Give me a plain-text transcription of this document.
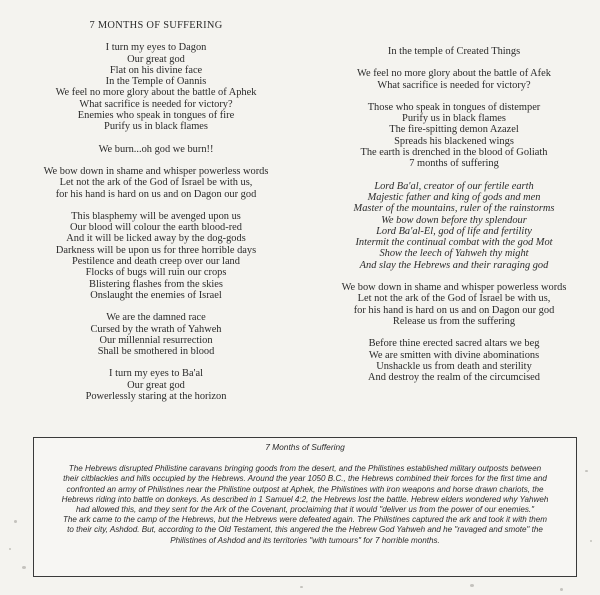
7 MONTHS OF SUFFERING
I turn my eyes to Dagon
Our great god
Flat on his divine face
In the Temple of Oannis
We feel no more glory about the battle of Aphek
What sacrifice is needed for victory?
Enemies who speak in tongues of fire
Purify us in black flames
We burn...oh god we burn!!
We bow down in shame and whisper powerless words
Let not the ark of the God of Israel be with us,
for his hand is hard on us and on Dagon our god
This blasphemy will be avenged upon us
Our blood will colour the earth blood-red
And it will be licked away by the dog-gods
Darkness will be upon us for three horrible days
Pestilence and death creep over our land
Flocks of bugs will ruin our crops
Blistering flashes from the skies
Onslaught the enemies of Israel
We are the damned race
Cursed by the wrath of Yahweh
Our millennial resurrection
Shall be smothered in blood
I turn my eyes to Ba'al
Our great god
Powerlessly staring at the horizon
In the temple of Created Things
We feel no more glory about the battle of Afek
What sacrifice is needed for victory?
Those who speak in tongues of distemper
Purify us in black flames
The fire-spitting demon Azazel
Spreads his blackened wings
The earth is drenched in the blood of Goliath
7 months of suffering
Lord Ba'al, creator of our fertile earth
Majestic father and king of gods and men
Master of the mountains, ruler of the rainstorms
We bow down before thy splendour
Lord Ba'al-El, god of life and fertility
Intermit the continual combat with the god Mot
Show the leech of Yahweh thy might
And slay the Hebrews and their raraging god
We bow down in shame and whisper powerless words
Let not the ark of the God of Israel be with us,
for his hand is hard on us and on Dagon our god
Release us from the suffering
Before thine erected sacred altars we beg
We are smitten with divine abominations
Unshackle us from death and sterility
And destroy the realm of the circumcised
7 Months of Suffering
The Hebrews disrupted Philistine caravans bringing goods from the desert, and the Philistines established military outposts between
their citblackies and hills occupied by the Hebrews. Around the year 1050 B.C., the Hebrews combined their forces for the first time and
confronted an army of Philistines near the Philistine outpost at Aphek, the Philistines with iron weapons and horse drawn chariots, the
Hebrews riding into battle on donkeys. As described in 1 Samuel 4:2, the Hebrews lost the battle. Hebrew elders wondered why Yahweh
had allowed this, and they sent for the Ark of the Covenant, proclaiming that it would "deliver us from the power of our enemies."
The ark came to the camp of the Hebrews, but the Hebrews were defeated again. The Philistines captured the ark and took it with them
to their city, Ashdod. But, according to the Old Testament, this angered the the Hebrew God Yahweh and he "ravaged and smote" the
Philistines of Ashdod and its territories "with tumours" for 7 horrible months.
